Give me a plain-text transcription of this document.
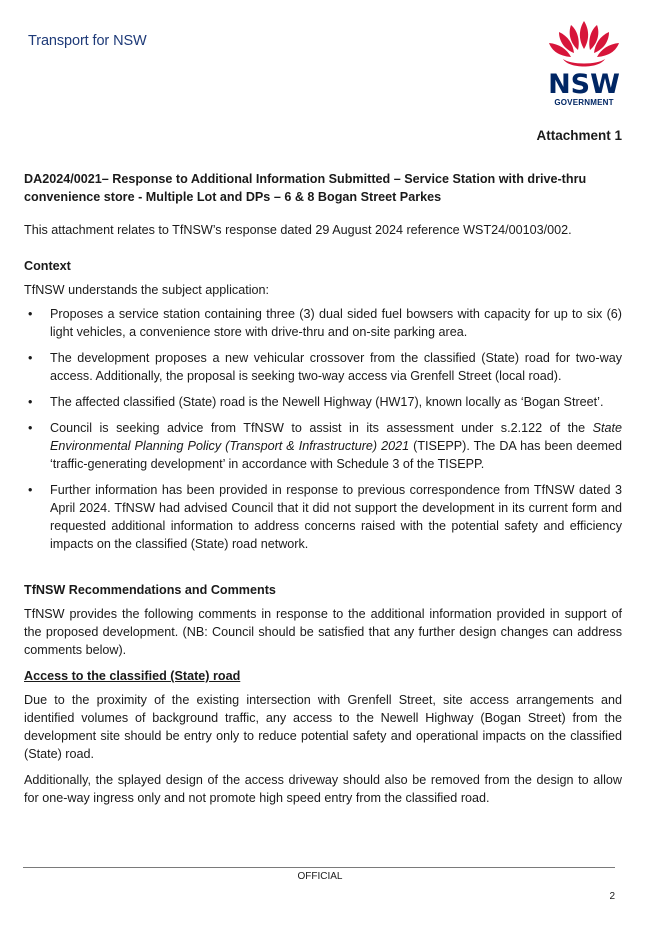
Transport for NSW
NSW
GOVERNMENT
Attachment 1

DA2024/0021– Response to Additional Information Submitted – Service Station with drive-thru convenience store - Multiple Lot and DPs – 6 & 8 Bogan Street Parkes

This attachment relates to TfNSW’s response dated 29 August 2024 reference WST24/00103/002.

Context

TfNSW understands the subject application:

• Proposes a service station containing three (3) dual sided fuel bowsers with capacity for up to six (6) light vehicles, a convenience store with drive-thru and on-site parking area.
• The development proposes a new vehicular crossover from the classified (State) road for two-way access. Additionally, the proposal is seeking two-way access via Grenfell Street (local road).
• The affected classified (State) road is the Newell Highway (HW17), known locally as ‘Bogan Street’.
• Council is seeking advice from TfNSW to assist in its assessment under s.2.122 of the State Environmental Planning Policy (Transport & Infrastructure) 2021 (TISEPP). The DA has been deemed ‘traffic-generating development’ in accordance with Schedule 3 of the TISEPP.
• Further information has been provided in response to previous correspondence from TfNSW dated 3 April 2024. TfNSW had advised Council that it did not support the development in its current form and requested additional information to address concerns raised with the potential safety and efficiency impacts on the classified (State) road network.

TfNSW Recommendations and Comments

TfNSW provides the following comments in response to the additional information provided in support of the proposed development. (NB: Council should be satisfied that any further design changes can address comments below).

Access to the classified (State) road

Due to the proximity of the existing intersection with Grenfell Street, site access arrangements and identified volumes of background traffic, any access to the Newell Highway (Bogan Street) from the development site should be entry only to reduce potential safety and operational impacts on the classified (State) road.

Additionally, the splayed design of the access driveway should also be removed from the design to allow for one-way ingress only and not promote high speed entry from the classified road.

OFFICIAL
2
